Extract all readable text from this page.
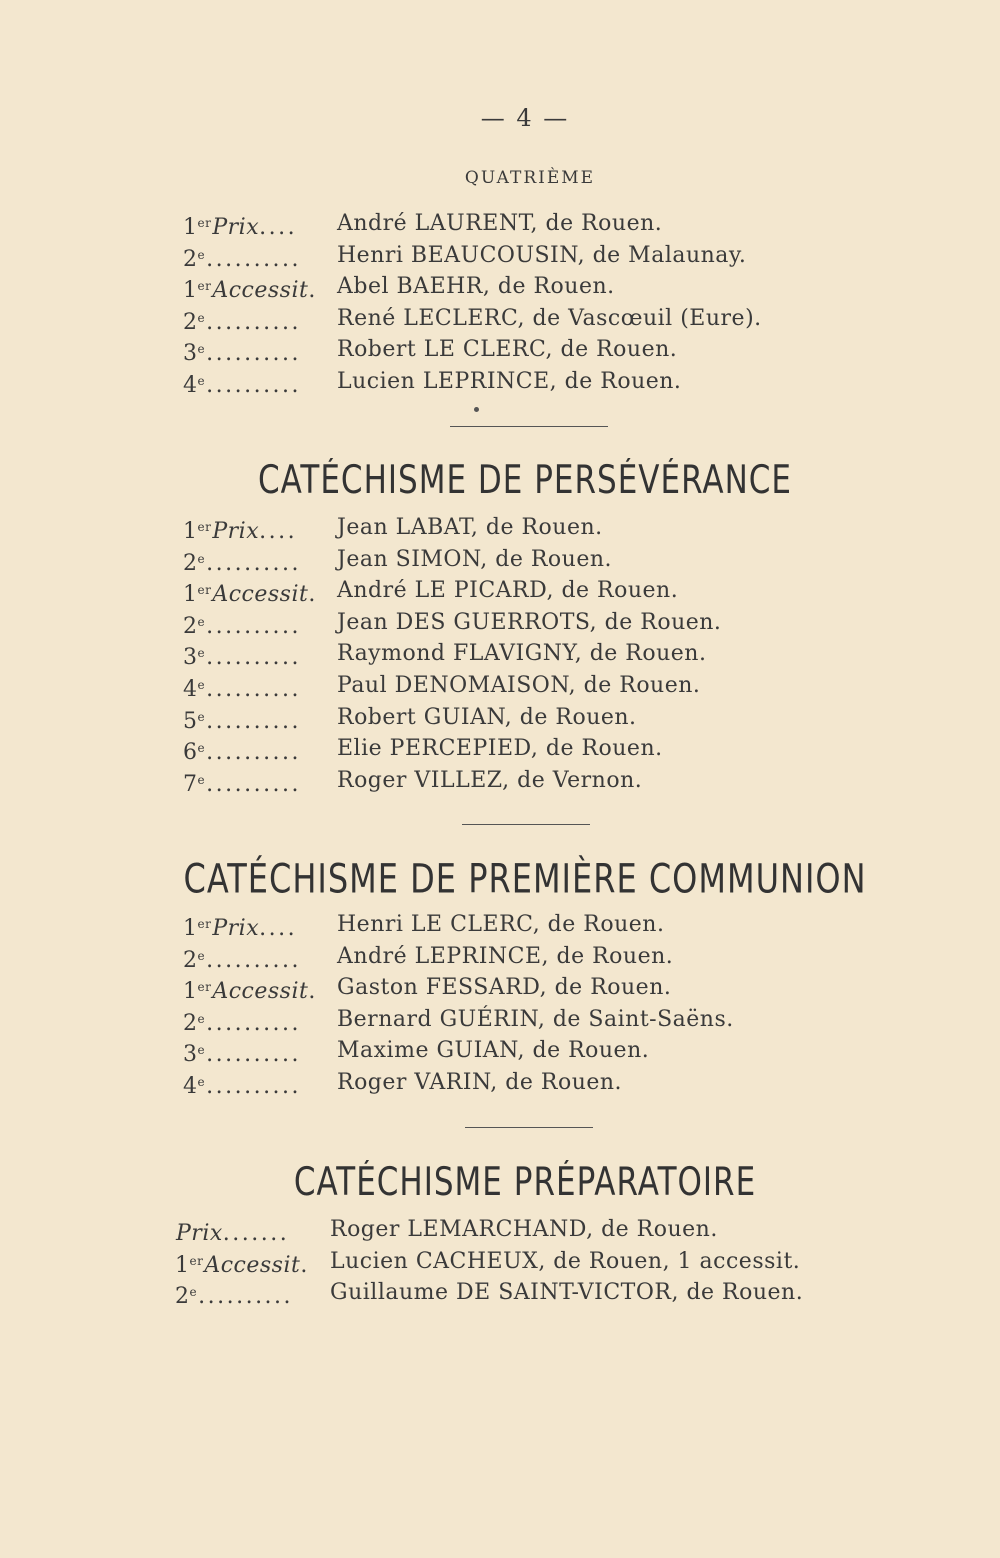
— 4 —
QUATRIÈME
1erPrix....	André LAURENT, de Rouen.
2e..........	Henri BEAUCOUSIN, de Malaunay.
1erAccessit. Abel BAEHR, de Rouen.
2e..........	René LECLERC, de Vascœuil (Eure).
3e..........	Robert LE CLERC, de Rouen.
4e..........	Lucien LEPRINCE, de Rouen.
CATÉCHISME DE PERSÉVÉRANCE
1erPrix....	Jean LABAT, de Rouen.
2e..........	Jean SIMON, de Rouen.
1erAccessit. André LE PICARD, de Rouen.
2e..........	Jean DES GUERROTS, de Rouen.
3e..........	Raymond FLAVIGNY, de Rouen.
4e..........	Paul DENOMAISON, de Rouen.
5e..........	Robert GUIAN, de Rouen.
6e..........	Elie PERCEPIED, de Rouen.
7e..........	Roger VILLEZ, de Vernon.
CATÉCHISME DE PREMIÈRE COMMUNION
1erPrix....	Henri LE CLERC, de Rouen.
2e..........	André LEPRINCE, de Rouen.
1erAccessit. Gaston FESSARD, de Rouen.
2e..........	Bernard GUÉRIN, de Saint-Saëns.
3e..........	Maxime GUIAN, de Rouen.
4e..........	Roger VARIN, de Rouen.
CATÉCHISME PRÉPARATOIRE
Prix.......	Roger LEMARCHAND, de Rouen.
1erAccessit. Lucien CACHEUX, de Rouen, 1 accessit.
2e..........	Guillaume DE SAINT-VICTOR, de Rouen.
